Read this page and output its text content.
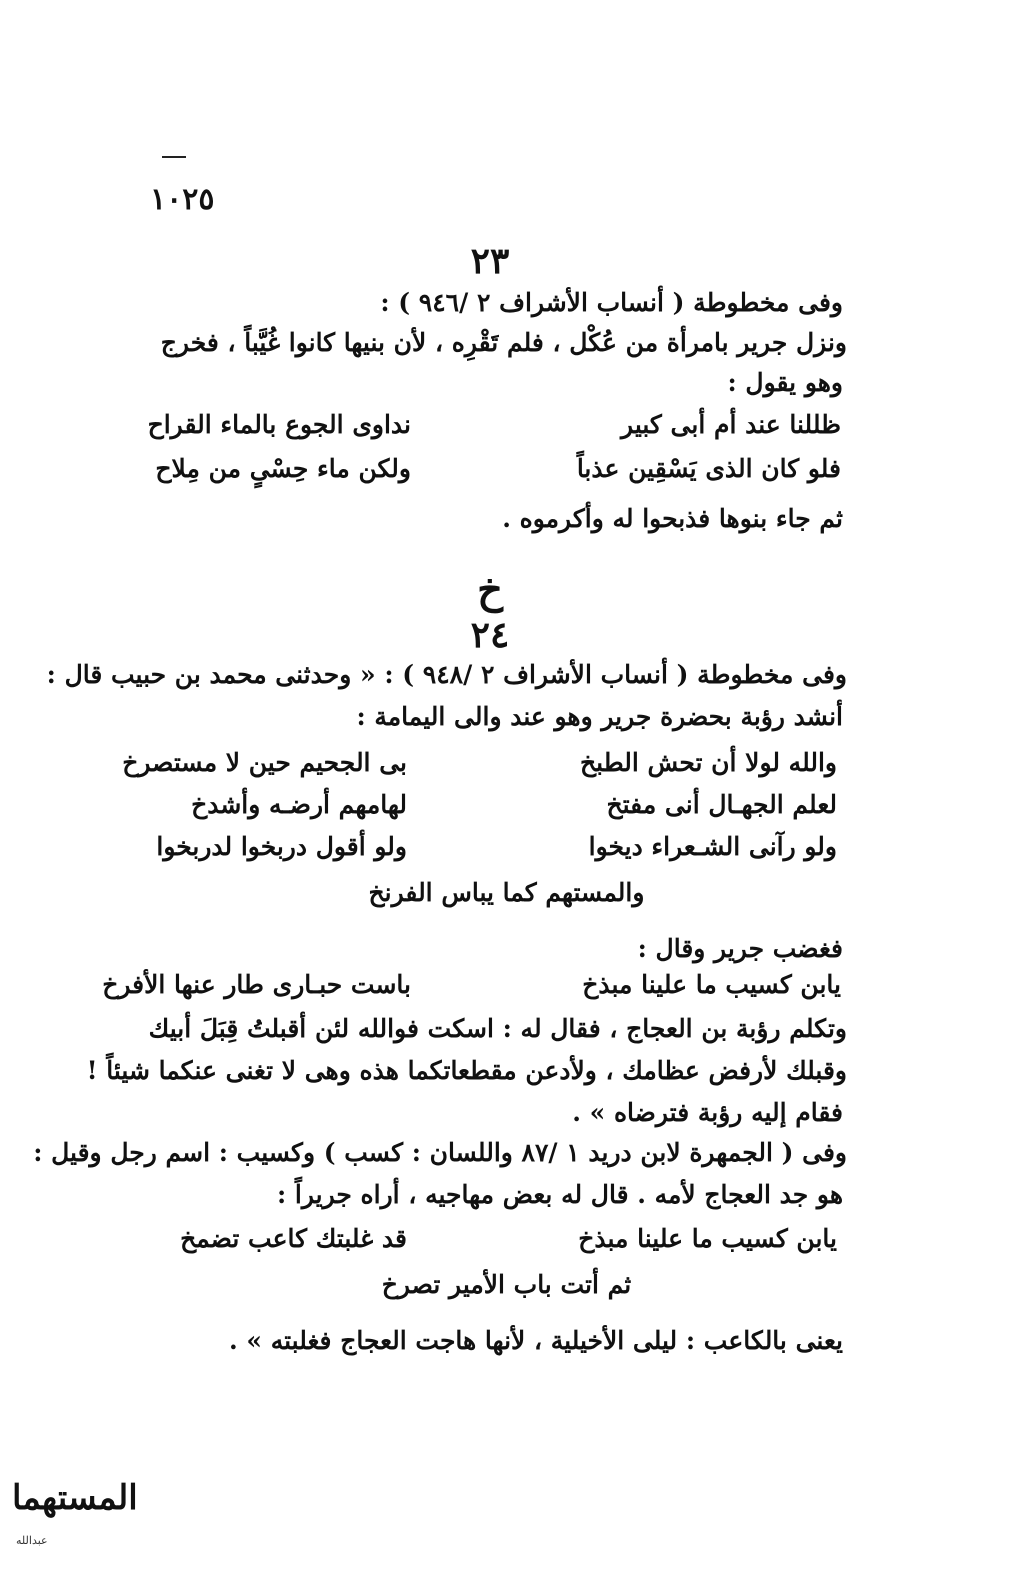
١٠٢٥
٢٣
وفى مخطوطة ( أنساب الأشراف ٢ /٩٤٦ ) :
ونزل جرير بامرأة من عُكْل ، فلم تَقْرِه ، لأن بنيها كانوا غُيَّباً ، فخرج
وهو يقول :
ظللنا عند أم أبى كبير
نداوى الجوع بالماء القراح
فلو كان الذى يَسْقِين عذباً
ولكن ماء حِسْىٍ من مِلاح
ثم جاء بنوها فذبحوا له وأكرموه .
خ
٢٤
وفى مخطوطة ( أنساب الأشراف ٢ /٩٤٨ ) : « وحدثنى محمد بن حبيب قال :
أنشد رؤبة بحضرة جرير وهو عند والى اليمامة :
والله لولا أن تحش الطبخ
بى الجحيم حين لا مستصرخ
لعلم الجهـال أنى مفتخ
لهامهم أرضـه وأشدخ
ولو رآنى الشـعراء ديخوا
ولو أقول دربخوا لدربخوا
والمستهم كما يباس الفرنخ
فغضب جرير وقال :
يابن كسيب ما علينا مبذخ
باست حبـارى طار عنها الأفرخ
وتكلم رؤبة بن العجاج ، فقال له : اسكت فوالله لئن أقبلتُ قِبَلَ أبيك
وقبلك لأرفض عظامك ، ولأدعن مقطعاتكما هذه وهى لا تغنى عنكما شيئاً !
فقام إليه رؤبة فترضاه » .
وفى ( الجمهرة لابن دريد ١ /٨٧ واللسان : كسب ) وكسيب : اسم رجل وقيل :
هو جد العجاج لأمه . قال له بعض مهاجيه ، أراه جريراً :
يابن كسيب ما علينا مبذخ
قد غلبتك كاعب تضمخ
ثم أتت باب الأمير تصرخ
يعنى بالكاعب : ليلى الأخيلية ، لأنها هاجت العجاج فغلبته » .
المستهما
عبدالله
